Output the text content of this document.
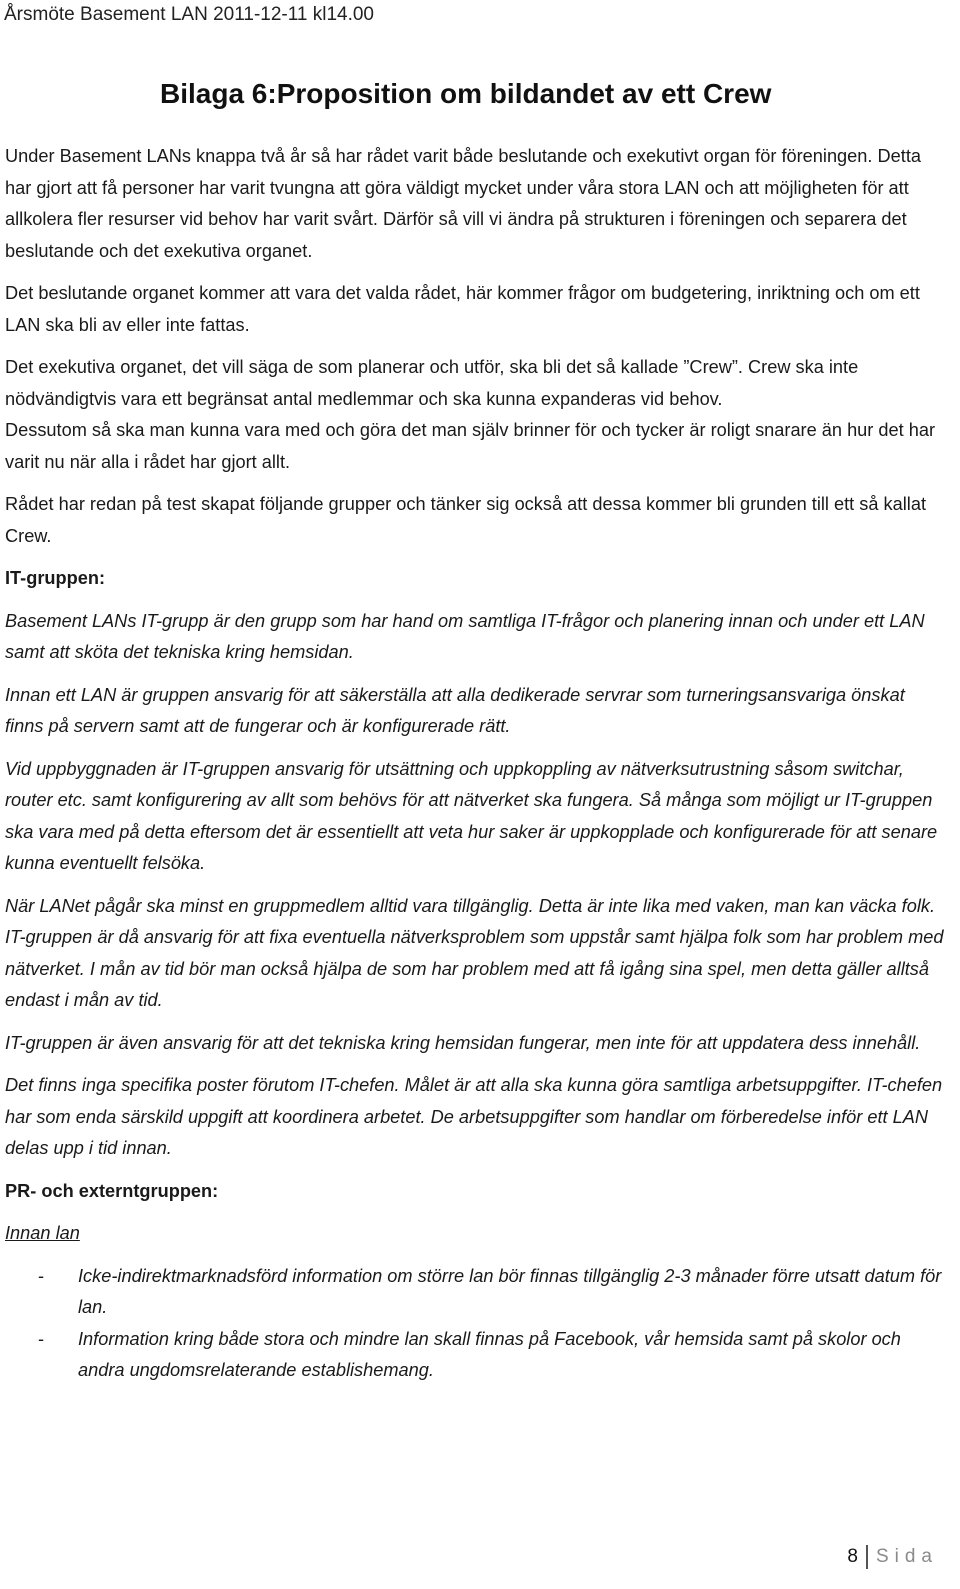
Årsmöte Basement LAN 2011-12-11 kl14.00
Bilaga 6:Proposition om bildandet av ett Crew

Under Basement LANs knappa två år så har rådet varit både beslutande och exekutivt organ för föreningen. Detta har gjort att få personer har varit tvungna att göra väldigt mycket under våra stora LAN och att möjligheten för att allkolera fler resurser vid behov har varit svårt. Därför så vill vi ändra på strukturen i föreningen och separera det beslutande och det exekutiva organet.

Det beslutande organet kommer att vara det valda rådet, här kommer frågor om budgetering, inriktning och om ett LAN ska bli av eller inte fattas.

Det exekutiva organet, det vill säga de som planerar och utför, ska bli det så kallade ”Crew”. Crew ska inte nödvändigtvis vara ett begränsat antal medlemmar och ska kunna expanderas vid behov.

Dessutom så ska man kunna vara med och göra det man själv brinner för och tycker är roligt snarare än hur det har varit nu när alla i rådet har gjort allt.

Rådet har redan på test skapat följande grupper och tänker sig också att dessa kommer bli grunden till ett så kallat Crew.

IT-gruppen:

Basement LANs IT-grupp är den grupp som har hand om samtliga IT-frågor och planering innan och under ett LAN samt att sköta det tekniska kring hemsidan.

Innan ett LAN är gruppen ansvarig för att säkerställa att alla dedikerade servrar som turneringsansvariga önskat finns på servern samt att de fungerar och är konfigurerade rätt.

Vid uppbyggnaden är IT-gruppen ansvarig för utsättning och uppkoppling av nätverksutrustning såsom switchar, router etc. samt konfigurering av allt som behövs för att nätverket ska fungera. Så många som möjligt ur IT-gruppen ska vara med på detta eftersom det är essentiellt att veta hur saker är uppkopplade och konfigurerade för att senare kunna eventuellt felsöka.

När LANet pågår ska minst en gruppmedlem alltid vara tillgänglig. Detta är inte lika med vaken, man kan väcka folk. IT-gruppen är då ansvarig för att fixa eventuella nätverksproblem som uppstår samt hjälpa folk som har problem med nätverket. I mån av tid bör man också hjälpa de som har problem med att få igång sina spel, men detta gäller alltså endast i mån av tid.

IT-gruppen är även ansvarig för att det tekniska kring hemsidan fungerar, men inte för att uppdatera dess innehåll.

Det finns inga specifika poster förutom IT-chefen. Målet är att alla ska kunna göra samtliga arbetsuppgifter. IT-chefen har som enda särskild uppgift att koordinera arbetet. De arbetsuppgifter som handlar om förberedelse inför ett LAN delas upp i tid innan.

PR- och externtgruppen:

Innan lan

- Icke-indirektmarknadsförd information om större lan bör finnas tillgänglig 2-3 månader förre utsatt datum för lan.
- Information kring både stora och mindre lan skall finnas på Facebook, vår hemsida samt på skolor och andra ungdomsrelaterande establishemang.
8 Sida
